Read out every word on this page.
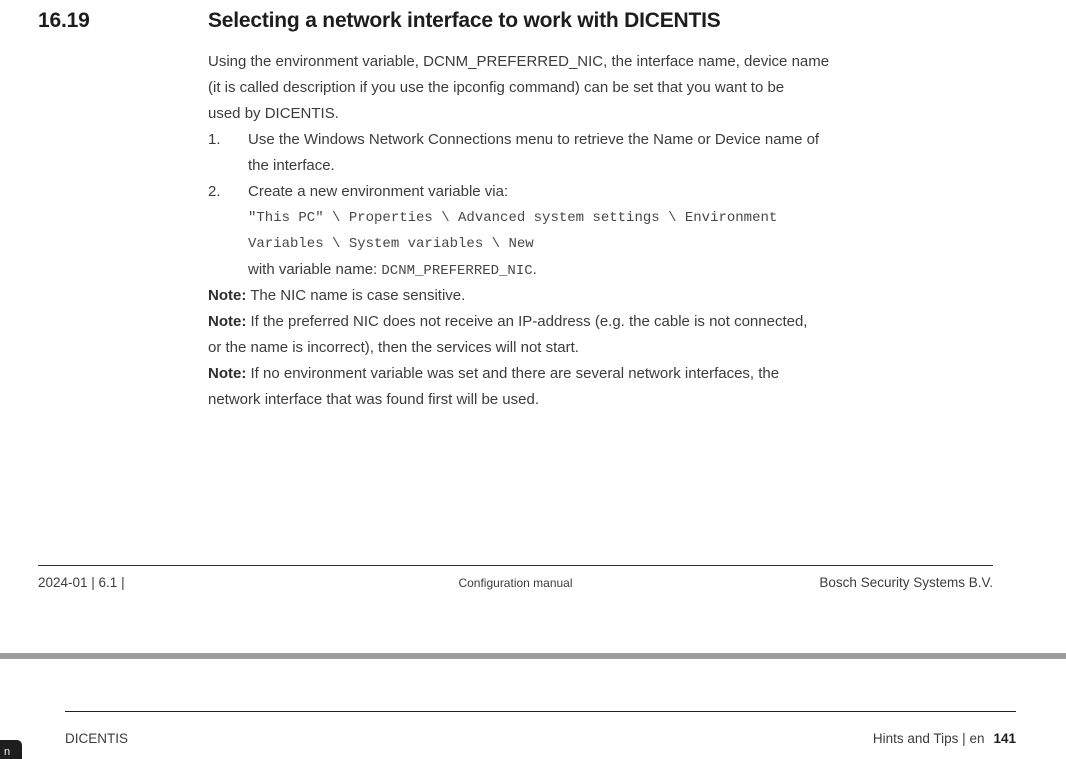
16.19	Selecting a network interface to work with DICENTIS
Using the environment variable, DCNM_PREFERRED_NIC, the interface name, device name
(it is called description if you use the ipconfig command) can be set that you want to be
used by DICENTIS.
1.	Use the Windows Network Connections menu to retrieve the Name or Device name of
the interface.
2.	Create a new environment variable via:
"This PC" \ Properties \ Advanced system settings \ Environment
Variables \ System variables \ New
with variable name: DCNM_PREFERRED_NIC.
Note: The NIC name is case sensitive.
Note: If the preferred NIC does not receive an IP-address (e.g. the cable is not connected,
or the name is incorrect), then the services will not start.
Note: If no environment variable was set and there are several network interfaces, the
network interface that was found first will be used.
2024-01 | 6.1 |	Configuration manual	Bosch Security Systems B.V.
DICENTIS	Hints and Tips | en 141
n
